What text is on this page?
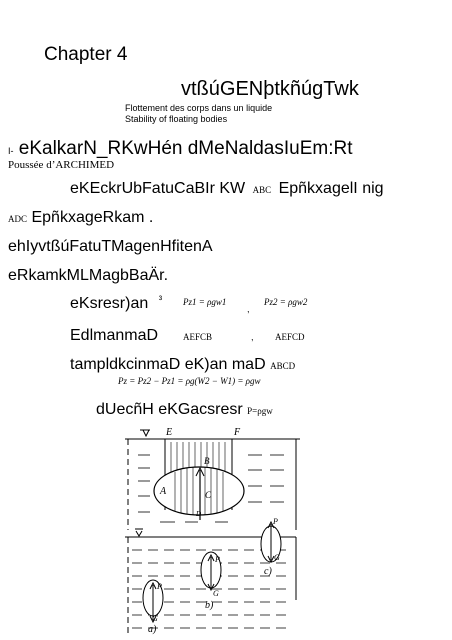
Chapter 4
vtßúGENþtkñúgTwk
Flottement des corps dans un liquide
Stability of floating bodies
I- eKalkarN_RKwHén dMeNaldasIuEm:Rt
Poussée d’ARCHIMED
eKEckrUbFatuCaBIr KW ABC EpñkxagelI nig
ADC EpñkxageRkam .
ehIyvtßúFatuTMagenHfitenA
eRkamkMLMagbBaÄr.
eKsresr)an $^{^3}$ Pz1 = ρgw1
,
Pz2 = ρgw2
EdlmanmaD	AEFCB	, AEFCD
tampldkcinmaD eK)an maD ABCD
Pz = Pz2 − Pz1 = ρg(W2 − W1) = ρgw
dUecñH eKGacsresr P=ρgw
E	F
B
A	C
D
P
G
a)
P
G
b)
P
G
c)
